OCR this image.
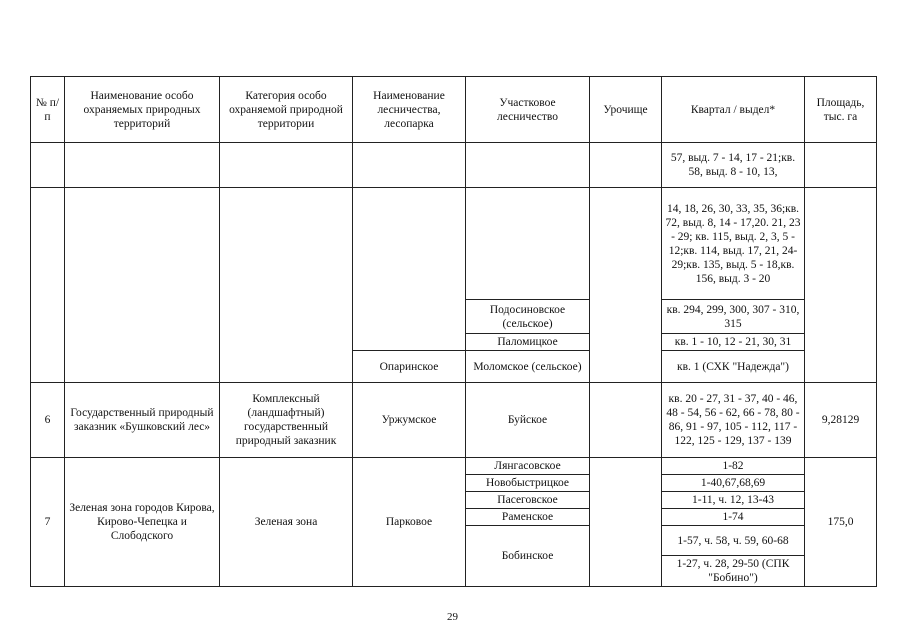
№ п/п	Наименование особо охраняемых природных территорий	Категория особо охраняемой природной территории	Наименование лесничества, лесопарка	Участковое лесничество	Урочище	Квартал / выдел*	Площадь, тыс. га
						57, выд. 7 - 14, 17 - 21;кв. 58, выд. 8 - 10, 13,	
						14, 18, 26, 30, 33, 35, 36;кв. 72, выд. 8, 14 - 17,20. 21, 23 - 29; кв. 115, выд. 2, 3, 5 - 12;кв. 114, выд. 17, 21, 24-29;кв. 135, выд. 5 - 18,кв. 156, выд. 3 - 20	
				Подосиновское (сельское)		кв. 294, 299, 300, 307 - 310, 315	
				Паломицкое		кв. 1 - 10, 12 - 21, 30, 31	
			Опаринское	Моломское (сельское)		кв. 1 (СХК "Надежда")	
6	Государственный природный заказник «Бушковский лес»	Комплексный (ландшафтный) государственный природный заказник	Уржумское	Буйское		кв. 20 - 27, 31 - 37, 40 - 46, 48 - 54, 56 - 62, 66 - 78, 80 - 86, 91 - 97, 105 - 112, 117 - 122, 125 - 129, 137 - 139	9,28129
7	Зеленая зона городов Кирова, Кирово-Чепецка и Слободского	Зеленая зона	Парковое	Лянгасовское		1-82	175,0
				Новобыстрицкое		1-40,67,68,69	
				Пасеговское		1-11, ч. 12, 13-43	
				Раменское		1-74	
				Бобинское		1-57, ч. 58, ч. 59, 60-68	
						1-27, ч. 28, 29-50 (СПК "Бобино")	
29
